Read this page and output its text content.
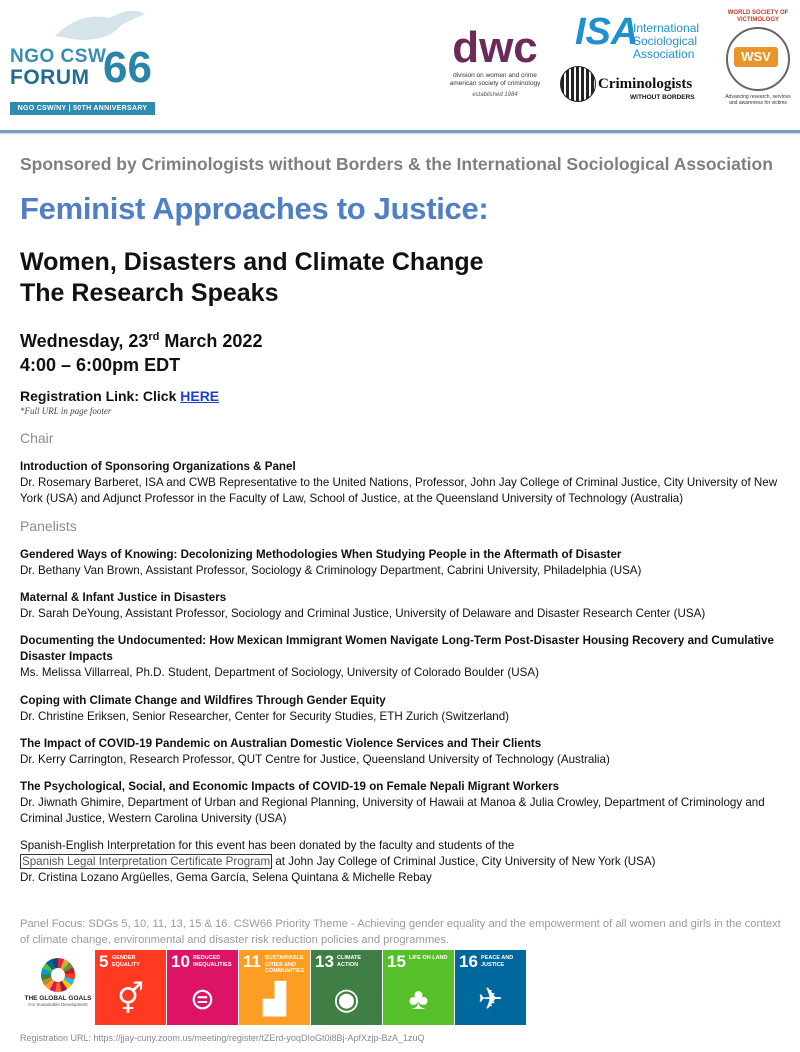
NGO CSW
FORUM 66
NGO CSW/NY | 50TH ANNIVERSARY
dwc
division on women and crime
american society of criminology
established 1984
ISA
International
Sociological
Association
Criminologists
WITHOUT BORDERS
WORLD SOCIETY OF
VICTIMOLOGY
WSV
Advancing research, services and awareness for victims
Sponsored by Criminologists without Borders & the International Sociological Association
Feminist Approaches to Justice:
Women, Disasters and Climate Change
The Research Speaks
Wednesday, 23rd March 2022
4:00 – 6:00pm EDT
Registration Link: Click HERE
*Full URL in page footer
Chair
Introduction of Sponsoring Organizations & Panel
Dr. Rosemary Barberet, ISA and CWB Representative to the United Nations, Professor, John Jay College of Criminal Justice, City University of New York (USA) and Adjunct Professor in the Faculty of Law, School of Justice, at the Queensland University of Technology (Australia)
Panelists
Gendered Ways of Knowing: Decolonizing Methodologies When Studying People in the Aftermath of Disaster
Dr. Bethany Van Brown, Assistant Professor, Sociology & Criminology Department, Cabrini University, Philadelphia (USA)
Maternal & Infant Justice in Disasters
Dr. Sarah DeYoung, Assistant Professor, Sociology and Criminal Justice, University of Delaware and Disaster Research Center (USA)
Documenting the Undocumented: How Mexican Immigrant Women Navigate Long-Term Post-Disaster Housing Recovery and Cumulative Disaster Impacts
Ms. Melissa Villarreal, Ph.D. Student, Department of Sociology, University of Colorado Boulder (USA)
Coping with Climate Change and Wildfires Through Gender Equity
Dr. Christine Eriksen, Senior Researcher, Center for Security Studies, ETH Zurich (Switzerland)
The Impact of COVID-19 Pandemic on Australian Domestic Violence Services and Their Clients
Dr. Kerry Carrington, Research Professor, QUT Centre for Justice, Queensland University of Technology (Australia)
The Psychological, Social, and Economic Impacts of COVID-19 on Female Nepali Migrant Workers
Dr. Jiwnath Ghimire, Department of Urban and Regional Planning, University of Hawaii at Manoa & Julia Crowley, Department of Criminology and Criminal Justice, Western Carolina University (USA)
Spanish-English Interpretation for this event has been donated by the faculty and students of the
Spanish Legal Interpretation Certificate Program at John Jay College of Criminal Justice, City University of New York (USA)
Dr. Cristina Lozano Argüelles, Gema García, Selena Quintana & Michelle Rebay
Panel Focus: SDGs 5, 10, 11, 13, 15 & 16. CSW66 Priority Theme - Achieving gender equality and the empowerment of all women and girls in the context of climate change, environmental and disaster risk reduction policies and programmes.
THE GLOBAL GOALS
For Sustainable Development
5 GENDER EQUALITY
⚥
10 REDUCED INEQUALITIES
⊜
11 SUSTAINABLE CITIES AND COMMUNITIES
▟
13 CLIMATE ACTION
◉
15 LIFE ON LAND
♣
16 PEACE AND JUSTICE
✈
Registration URL: https://jjay-cuny.zoom.us/meeting/register/tZErd-yoqDIoGt0i8Bj-ApfXzjp-BzA_1zuQ
